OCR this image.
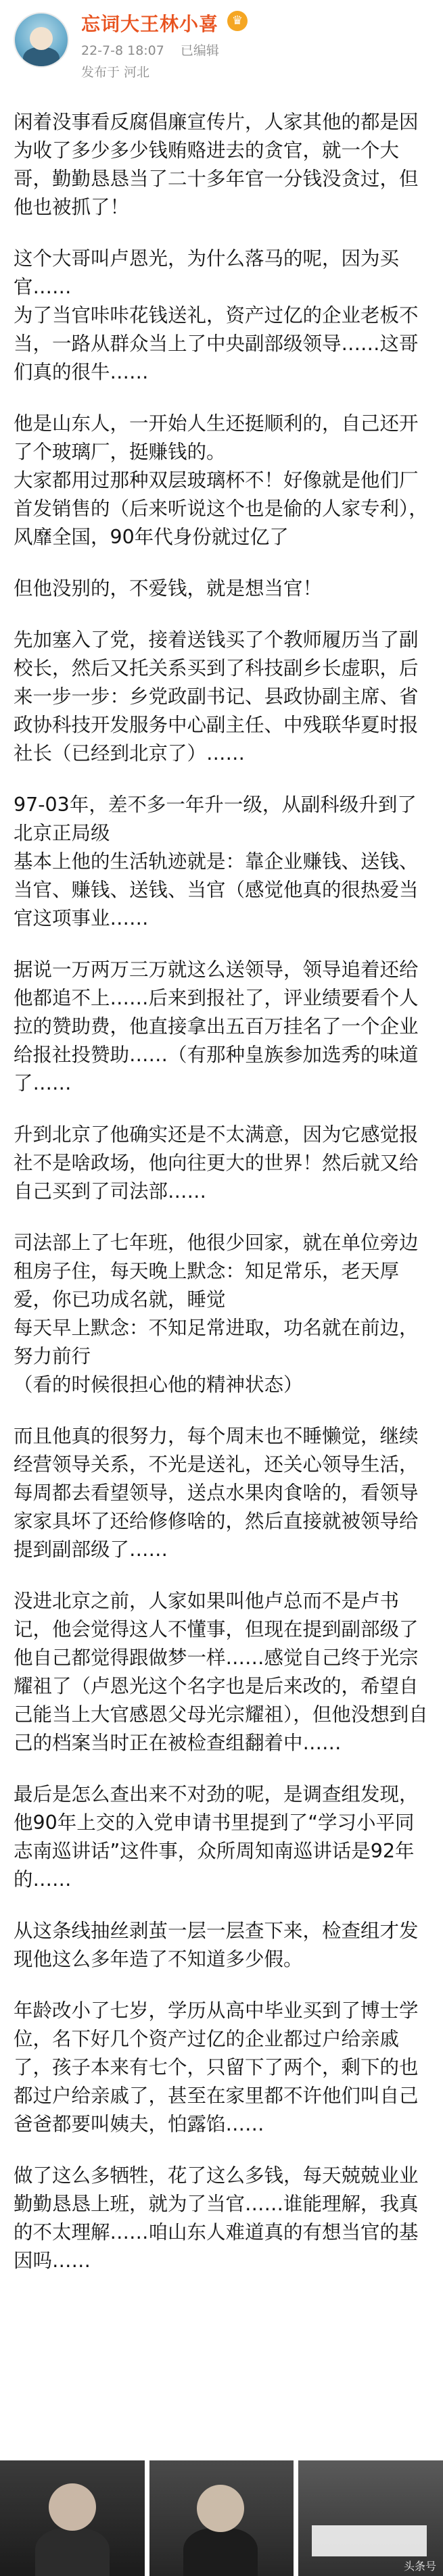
忘词大王林小喜	♛
22-7-8 18:07 已编辑
发布于 河北

闲着没事看反腐倡廉宣传片，人家其他的都是因为收了多少多少钱贿赂进去的贪官，就一个大哥，勤勤恳恳当了二十多年官一分钱没贪过，但他也被抓了！

这个大哥叫卢恩光，为什么落马的呢，因为买官……
为了当官咔咔花钱送礼，资产过亿的企业老板不当，一路从群众当上了中央副部级领导……这哥们真的很牛……

他是山东人，一开始人生还挺顺利的，自己还开了个玻璃厂，挺赚钱的。
大家都用过那种双层玻璃杯不！好像就是他们厂首发销售的（后来听说这个也是偷的人家专利），风靡全国，90年代身份就过亿了

但他没别的，不爱钱，就是想当官！

先加塞入了党，接着送钱买了个教师履历当了副校长，然后又托关系买到了科技副乡长虚职，后来一步一步：乡党政副书记、县政协副主席、省政协科技开发服务中心副主任、中残联华夏时报社长（已经到北京了）……

97-03年，差不多一年升一级，从副科级升到了北京正局级
基本上他的生活轨迹就是：靠企业赚钱、送钱、当官、赚钱、送钱、当官（感觉他真的很热爱当官这项事业……

据说一万两万三万就这么送领导，领导追着还给他都追不上……后来到报社了，评业绩要看个人拉的赞助费，他直接拿出五百万挂名了一个企业给报社投赞助……（有那种皇族参加选秀的味道了……

升到北京了他确实还是不太满意，因为它感觉报社不是啥政场，他向往更大的世界！然后就又给自己买到了司法部……

司法部上了七年班，他很少回家，就在单位旁边租房子住，每天晚上默念：知足常乐，老天厚爱，你已功成名就，睡觉
每天早上默念：不知足常进取，功名就在前边，努力前行
（看的时候很担心他的精神状态）

而且他真的很努力，每个周末也不睡懒觉，继续经营领导关系，不光是送礼，还关心领导生活，每周都去看望领导，送点水果肉食啥的，看领导家家具坏了还给修修啥的，然后直接就被领导给提到副部级了……

没进北京之前，人家如果叫他卢总而不是卢书记，他会觉得这人不懂事，但现在提到副部级了他自己都觉得跟做梦一样……感觉自己终于光宗耀祖了（卢恩光这个名字也是后来改的，希望自己能当上大官感恩父母光宗耀祖），但他没想到自己的档案当时正在被检查组翻着中……

最后是怎么查出来不对劲的呢，是调查组发现，他90年上交的入党申请书里提到了“学习小平同志南巡讲话”这件事，众所周知南巡讲话是92年的……

从这条线抽丝剥茧一层一层查下来，检查组才发现他这么多年造了不知道多少假。

年龄改小了七岁，学历从高中毕业买到了博士学位，名下好几个资产过亿的企业都过户给亲戚了，孩子本来有七个，只留下了两个，剩下的也都过户给亲戚了，甚至在家里都不许他们叫自己爸爸都要叫姨夫，怕露馅……

做了这么多牺牲，花了这么多钱，每天兢兢业业勤勤恳恳上班，就为了当官……谁能理解，我真的不太理解……咱山东人难道真的有想当官的基因吗……

头条号
